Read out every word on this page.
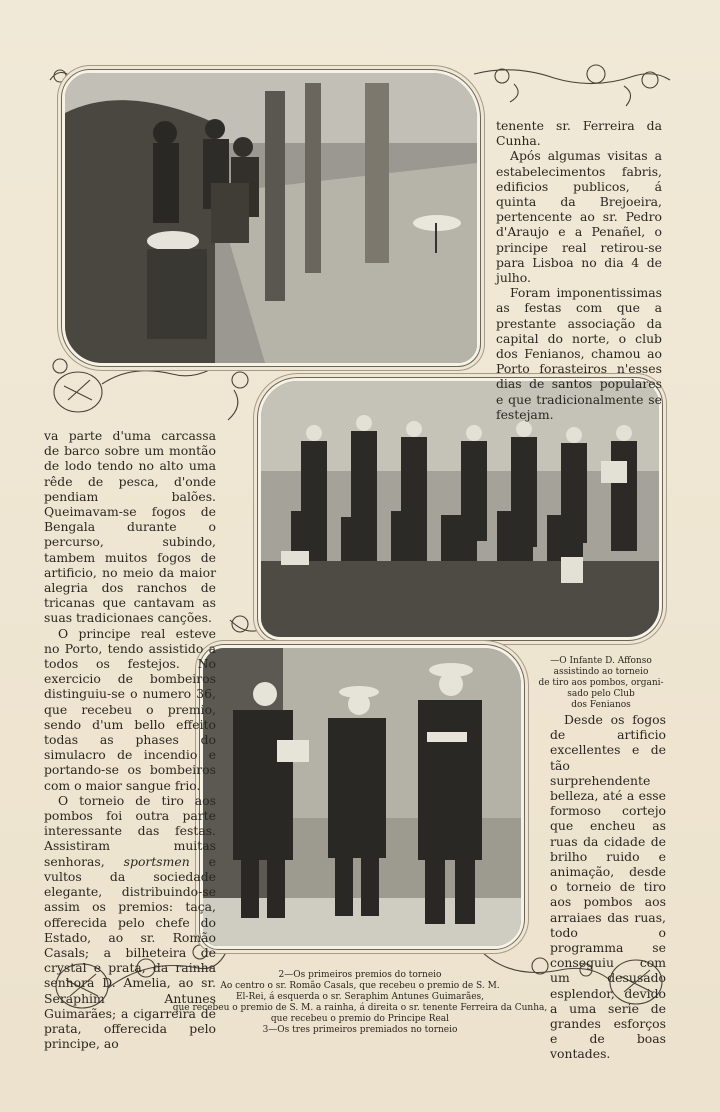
tenente sr. Ferreira da Cunha.

Após algumas visitas a estabelecimentos fabris, edificios publicos, á quinta da Brejoeira, pertencente ao sr. Pedro d'Araujo e a Penañel, o principe real retirou-se para Lisboa no dia 4 de julho.

Foram imponentissimas as festas com que a prestante associação da capital do norte, o club dos Fenianos, chamou ao Porto forasteiros n'esses dias de santos populares e que tradicionalmente se festejam.

va parte d'uma carcassa de barco sobre um montão de lodo tendo no alto uma rêde de pesca, d'onde pendiam balões. Queimavam-se fogos de Bengala durante o percurso, subindo, tambem muitos fogos de artificio, no meio da maior alegria dos ranchos de tricanas que cantavam as suas tradicionaes canções.

O principe real esteve no Porto, tendo assistido a todos os festejos. No exercicio de bombeiros distinguiu-se o numero 36, que recebeu o premio, sendo d'um bello effeito todas as phases do simulacro de incendio e portando-se os bombeiros com o maior sangue frio.

O torneio de tiro aos pombos foi outra parte interessante das festas. Assistiram muitas senhoras, sportsmen e vultos da sociedade elegante, distribuindo-se assim os premios: taça, offerecida pelo chefe do Estado, ao sr. Romão Casals; a bilheteira de crystal e prata, da rainha senhora D. Amelia, ao sr. Seraphim Antunes Guimarães; a cigarreira de prata, offerecida pelo principe, ao

—O Infante D. Affonso
assistindo ao torneio
de tiro aos pombos, organi-
sado pelo Club
dos Fenianos

Desde os fogos de artificio excellentes e de tão surprehendente belleza, até a esse formoso cortejo que encheu as ruas da cidade de brilho ruido e animação, desde o torneio de tiro aos pombos aos arraiaes das ruas, todo o programma se conseguiu com um desusado esplendor, devido a uma serie de grandes esforços e de boas vontades.

2—Os primeiros premios do torneio
Ao centro o sr. Romão Casals, que recebeu o premio de S. M.
El-Rei, á esquerda o sr. Seraphim Antunes Guimarães,
que recebeu o premio de S. M. a rainha, á direita o sr. tenente Ferreira da Cunha,
que recebeu o premio do Principe Real
3—Os tres primeiros premiados no torneio
